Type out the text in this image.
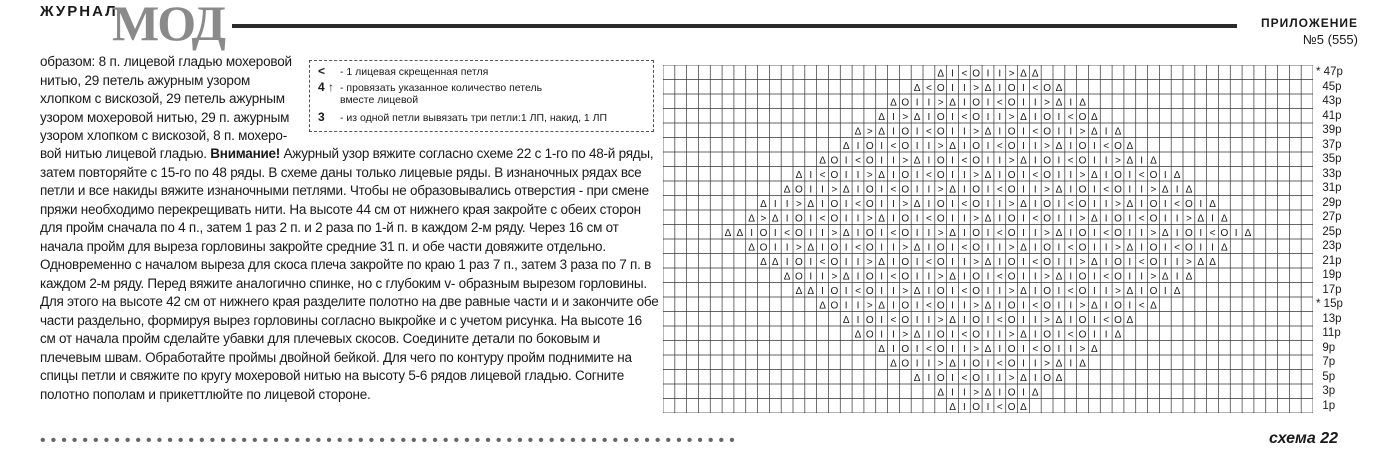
ЖУРНАЛ
МОД	ПРИЛОЖЕНИЕ
№5 (555)

образом: 8 п. лицевой гладью мохеровой нитью, 29 петель ажурным узором хлопком с вискозой, 29 петель ажурным узором мохеровой нитью, 29 п. ажурным узором хлопком с вискозой, 8 п. мохеро-

вой нитью лицевой гладью. Внимание! Ажурный узор вяжите согласно схеме 22 с 1-го по 48-й ряды, затем повторяйте с 15-го по 48 ряды. В схеме даны только лицевые ряды. В изнаночных рядах все петли и все накиды вяжите изнаночными петлями. Чтобы не образовывались отверстия - при смене пряжи необходимо перекрещивать нити. На высоте 44 см от нижнего края закройте с обеих сторон для пройм сначала по 4 п., затем 1 раз 2 п. и 2 раза по 1-й п. в каждом 2-м ряду. Через 16 см от начала пройм для выреза горловины закройте средние 31 п. и обе части довяжите отдельно. Одновременно с началом выреза для скоса плеча закройте по краю 1 раз 7 п., затем 3 раза по 7 п. в каждом 2-м ряду. Перед вяжите аналогично спинке, но с глубоким v- образным вырезом горловины. Для этого на высоте 42 см от нижнего края разделите полотно на две равные части и и закончите обе части раздельно, формируя вырез горловины согласно выкройке и с учетом рисунка. На высоте 16 см от начала пройм сделайте убавки для плечевых скосов. Соедините детали по боковым и плечевым швам. Обработайте проймы двойной бейкой. Для чего по контуру пройм поднимите на спицы петли и свяжите по кругу мохеровой нитью на высоту 5-6 рядов лицевой гладью. Согните полотно пополам и прикеттлюйте по лицевой стороне.

< - 1 лицевая скрещенная петля
4 ↑ - провязать указанное количество петель
вместе лицевой
3 - из одной петли вывязать три петли:1 ЛП, накид, 1 ЛП
Δ I < O I I > Δ Δ
Δ < O I I > Δ I O I < O Δ
Δ O I I > Δ I O I < O I I > Δ I Δ
Δ I > Δ I O I < O I I > Δ I O I < O Δ
Δ > Δ I O I < O I I > Δ I O I < O I I > Δ I Δ
Δ I O I < O I I > Δ I O I < O I I > Δ I O I < O Δ
Δ O I < O I I > Δ I O I < O I I > Δ I O I < O I I > Δ I Δ
Δ I < O I I > Δ I O I < O I I > Δ I O I < O I I > Δ I O I < O I Δ
Δ O I I > Δ I O I < O I I > Δ I O I < O I I > Δ I O I < O I I > Δ I Δ
Δ I I > Δ I O I < O I I > Δ I O I < O I I > Δ I O I < O I I > Δ I O I < O I Δ
Δ > Δ I O I < O I I > Δ I O I < O I I > Δ I O I < O I I > Δ I O I < O I I > Δ I Δ
Δ Δ I O I < O I I > Δ I O I < O I I > Δ I O I < O I I > Δ I O I < O I I > Δ I O I < O I Δ
Δ O I I > Δ I O I < O I I > Δ I O I < O I I > Δ I O I < O I I > Δ I O I < O I I Δ
Δ Δ I O I < O I I > Δ I O I < O I I > Δ I O I < O I I > Δ I O I < O I I > Δ Δ
Δ O I I > Δ I O I < O I I > Δ I O I < O I I > Δ I O I < O I I > Δ I Δ
Δ Δ I O I < O I I > Δ I O I < O I I > Δ I O I < O I I > Δ I O I Δ
Δ O I I > Δ I O I < O I I > Δ I O I < O I I > Δ I O I < Δ
Δ I O I < O I I > Δ I O I < O I I > Δ I O I < O Δ
Δ O I I > Δ I O I < O I I > Δ I O I < O I I Δ
Δ I O I < O I I > Δ I O I < O I I > Δ
Δ O I I > Δ I O I < O I I > Δ I Δ
Δ I O I < O I I > Δ I O Δ
Δ I I > Δ I O I Δ
Δ I O I < O Δ
* 47р
45р
43р
41р
39р
37р
35р
33р
31р
29р
27р
25р
23р
21р
19р
17р
* 15р
13р
11р
9р
7р
5р
3р
1р
••••••••••••••••••••••••••••••••••••••••••••••••••••••••••••••••••	схема 22
